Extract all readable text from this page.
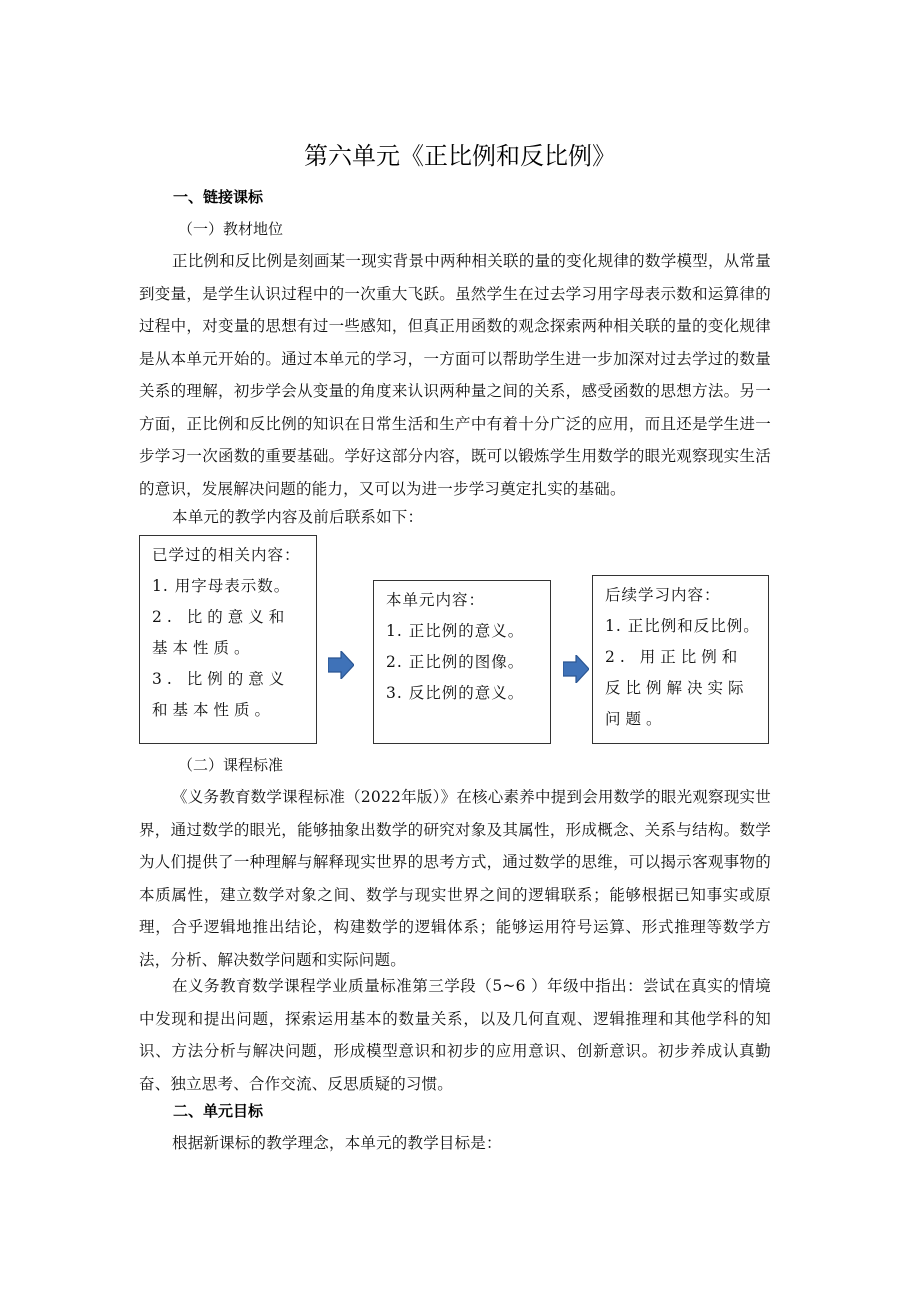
第六单元《正比例和反比例》
一、链接课标
（一）教材地位
正比例和反比例是刻画某一现实背景中两种相关联的量的变化规律的数学模型，从常量到变量，是学生认识过程中的一次重大飞跃。虽然学生在过去学习用字母表示数和运算律的过程中，对变量的思想有过一些感知，但真正用函数的观念探索两种相关联的量的变化规律是从本单元开始的。通过本单元的学习，一方面可以帮助学生进一步加深对过去学过的数量关系的理解，初步学会从变量的角度来认识两种量之间的关系，感受函数的思想方法。另一方面，正比例和反比例的知识在日常生活和生产中有着十分广泛的应用，而且还是学生进一步学习一次函数的重要基础。学好这部分内容，既可以锻炼学生用数学的眼光观察现实生活的意识，发展解决问题的能力，又可以为进一步学习奠定扎实的基础。
本单元的教学内容及前后联系如下：
已学过的相关内容：
1. 用字母表示数。
2. 比的意义和基本性质。
3. 比例的意义和基本性质。
本单元内容：
1. 正比例的意义。
2. 正比例的图像。
3. 反比例的意义。
后续学习内容：
1. 正比例和反比例。
2. 用正比例和反比例解决实际问题。
（二）课程标准
《义务教育数学课程标准（2022年版）》在核心素养中提到会用数学的眼光观察现实世界，通过数学的眼光，能够抽象出数学的研究对象及其属性，形成概念、关系与结构。数学为人们提供了一种理解与解释现实世界的思考方式，通过数学的思维，可以揭示客观事物的本质属性，建立数学对象之间、数学与现实世界之间的逻辑联系；能够根据已知事实或原理，合乎逻辑地推出结论，构建数学的逻辑体系；能够运用符号运算、形式推理等数学方法，分析、解决数学问题和实际问题。
在义务教育数学课程学业质量标准第三学段（5~6 ）年级中指出：尝试在真实的情境中发现和提出问题，探索运用基本的数量关系，以及几何直观、逻辑推理和其他学科的知识、方法分析与解决问题，形成模型意识和初步的应用意识、创新意识。初步养成认真勤奋、独立思考、合作交流、反思质疑的习惯。
二、单元目标
根据新课标的教学理念，本单元的教学目标是：
